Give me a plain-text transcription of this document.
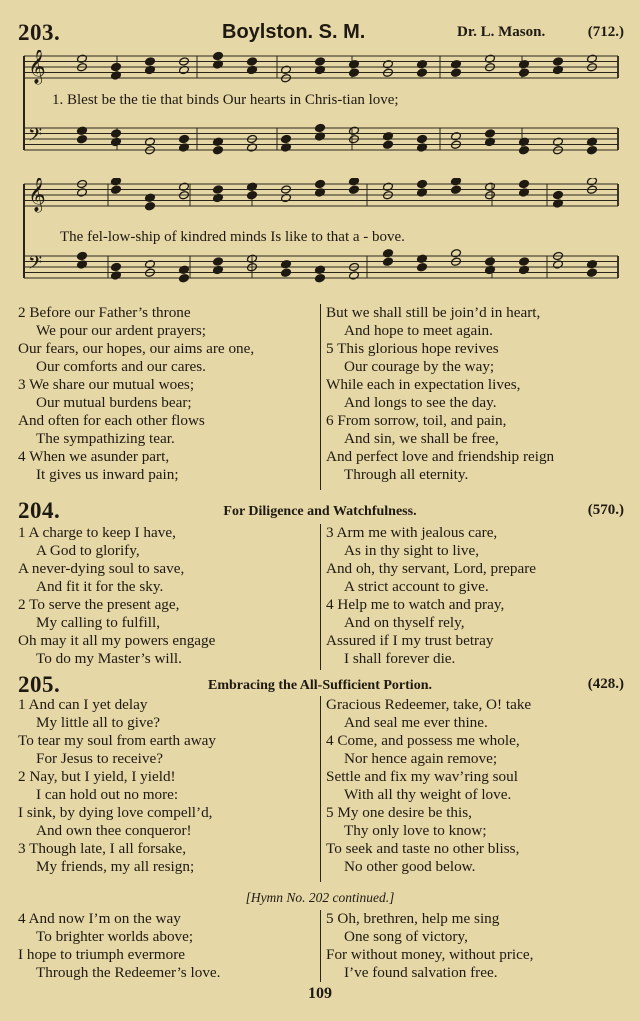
203.	Boylston. S. M.	Dr. L. Mason.	(712.)
𝄞
𝄢
1. Blest be the tie that binds Our hearts in Chris-tian love;
𝄞
𝄢
The fel-low-ship of kindred minds Is like to that a - bove.
2 Before our Father’s throne
We pour our ardent prayers;
Our fears, our hopes, our aims are one,
Our comforts and our cares.
3 We share our mutual woes;
Our mutual burdens bear;
And often for each other flows
The sympathizing tear.
4 When we asunder part,
It gives us inward pain;
But we shall still be join’d in heart,
And hope to meet again.
5 This glorious hope revives
Our courage by the way;
While each in expectation lives,
And longs to see the day.
6 From sorrow, toil, and pain,
And sin, we shall be free,
And perfect love and friendship reign
Through all eternity.
204.	For Diligence and Watchfulness.	(570.)
1 A charge to keep I have,
A God to glorify,
A never-dying soul to save,
And fit it for the sky.
2 To serve the present age,
My calling to fulfill,
Oh may it all my powers engage
To do my Master’s will.
3 Arm me with jealous care,
As in thy sight to live,
And oh, thy servant, Lord, prepare
A strict account to give.
4 Help me to watch and pray,
And on thyself rely,
Assured if I my trust betray
I shall forever die.
205.	Embracing the All-Sufficient Portion.	(428.)
1 And can I yet delay
My little all to give?
To tear my soul from earth away
For Jesus to receive?
2 Nay, but I yield, I yield!
I can hold out no more:
I sink, by dying love compell’d,
And own thee conqueror!
3 Though late, I all forsake,
My friends, my all resign;
Gracious Redeemer, take, O! take
And seal me ever thine.
4 Come, and possess me whole,
Nor hence again remove;
Settle and fix my wav’ring soul
With all thy weight of love.
5 My one desire be this,
Thy only love to know;
To seek and taste no other bliss,
No other good below.
[Hymn No. 202 continued.]
4 And now I’m on the way
To brighter worlds above;
I hope to triumph evermore
Through the Redeemer’s love.
5 Oh, brethren, help me sing
One song of victory,
For without money, without price,
I’ve found salvation free.
109
